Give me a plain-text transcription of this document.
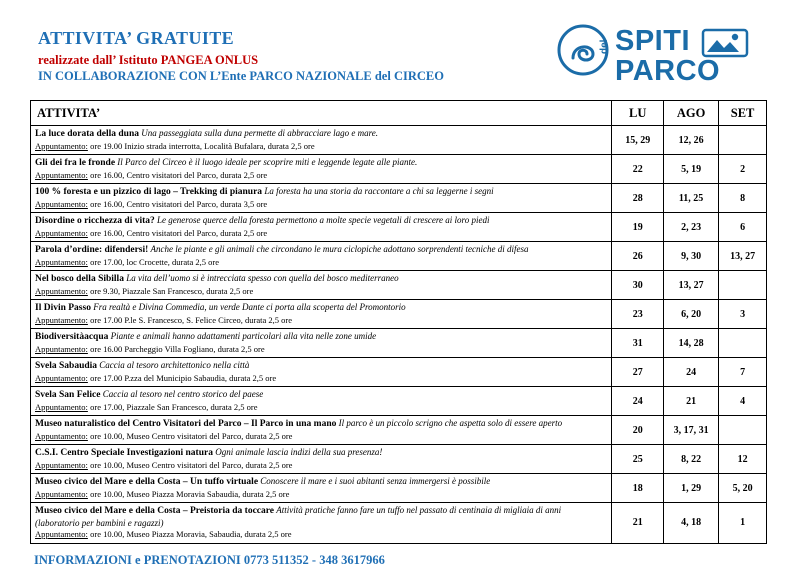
ATTIVITA’ GRATUITE
realizzate dall’ Istituto PANGEA ONLUS
IN COLLABORAZIONE CON L’Ente PARCO NAZIONALE del CIRCEO
del SPITI
PARCO
ATTIVITA’	LU	AGO	SET
La luce dorata della duna Una passeggiata sulla duna permette di abbracciare lago e mare.
Appuntamento: ore 19.00 Inizio strada interrotta, Località Bufalara, durata 2,5 ore	15, 29	12, 26	
Gli dei fra le fronde Il Parco del Circeo è il luogo ideale per scoprire miti e leggende legate alle piante.
Appuntamento: ore 16.00, Centro visitatori del Parco, durata 2,5 ore	22	5, 19	2
100 % foresta e un pizzico di lago – Trekking di pianura La foresta ha una storia da raccontare a chi sa leggerne i segni
Appuntamento: ore 16.00, Centro visitatori del Parco, durata 3,5 ore	28	11, 25	8
Disordine o ricchezza di vita? Le generose querce della foresta permettono a molte specie vegetali di crescere ai loro piedi
Appuntamento: ore 16.00, Centro visitatori del Parco, durata 2,5 ore	19	2, 23	6
Parola d’ordine: difendersi! Anche le piante e gli animali che circondano le mura ciclopiche adottano sorprendenti tecniche di difesa
Appuntamento: ore 17.00, loc Crocette, durata 2,5 ore	26	9, 30	13, 27
Nel bosco della Sibilla La vita dell’uomo si è intrecciata spesso con quella del bosco mediterraneo
Appuntamento: ore 9.30, Piazzale San Francesco, durata 2,5 ore	30	13, 27	
Il Divin Passo Fra realtà e Divina Commedia, un verde Dante ci porta alla scoperta del Promontorio
Appuntamento: ore 17.00 P.le S. Francesco, S. Felice Circeo, durata 2,5 ore	23	6, 20	3
Biodiversitàacqua Piante e animali hanno adattamenti particolari alla vita nelle zone umide
Appuntamento: ore 16.00 Parcheggio Villa Fogliano, durata 2,5 ore	31	14, 28	
Svela Sabaudia Caccia al tesoro architettonico nella città
Appuntamento: ore 17.00 P.zza del Municipio Sabaudia, durata 2,5 ore	27	24	7
Svela San Felice Caccia al tesoro nel centro storico del paese
Appuntamento: ore 17.00, Piazzale San Francesco, durata 2,5 ore	24	21	4
Museo naturalistico del Centro Visitatori del Parco – Il Parco in una mano Il parco è un piccolo scrigno che aspetta solo di essere aperto
Appuntamento: ore 10.00, Museo Centro visitatori del Parco, durata 2,5 ore	20	3, 17, 31	
C.S.I. Centro Speciale Investigazioni natura Ogni animale lascia indizi della sua presenza!
Appuntamento: ore 10.00, Museo Centro visitatori del Parco, durata 2,5 ore	25	8, 22	12
Museo civico del Mare e della Costa – Un tuffo virtuale Conoscere il mare e i suoi abitanti senza immergersi è possibile
Appuntamento: ore 10.00, Museo Piazza Moravia Sabaudia, durata 2,5 ore	18	1, 29	5, 20
Museo civico del Mare e della Costa – Preistoria da toccare Attività pratiche fanno fare un tuffo nel passato di centinaia di migliaia di anni (laboratorio per bambini e ragazzi)
Appuntamento: ore 10.00, Museo Piazza Moravia, Sabaudia, durata 2,5 ore	21	4, 18	1
INFORMAZIONI e PRENOTAZIONI 0773 511352 - 348 3617966
